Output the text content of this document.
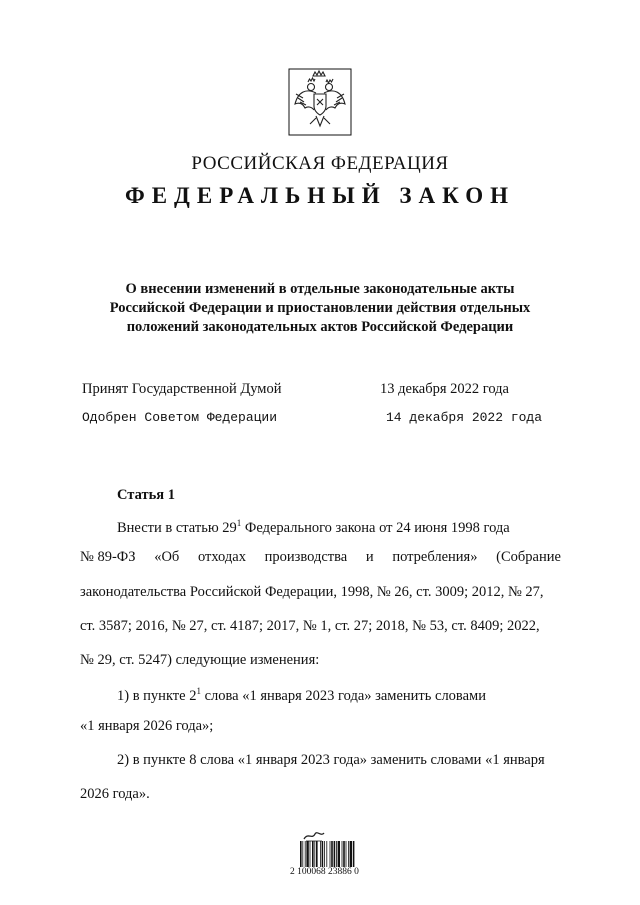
РОССИЙСКАЯ ФЕДЕРАЦИЯ
ФЕДЕРАЛЬНЫЙ ЗАКОН
О внесении изменений в отдельные законодательные акты
Российской Федерации и приостановлении действия отдельных
положений законодательных актов Российской Федерации
Принят Государственной Думой	13 декабря 2022 года
Одобрен Советом Федерации	14 декабря 2022 года
Статья 1
Внести в статью $29^1$ Федерального закона от 24 июня 1998 года
№ 89-ФЗ «Об отходах производства и потребления» (Собрание
законодательства Российской Федерации, 1998, № 26, ст. 3009; 2012, № 27,
ст. 3587; 2016, № 27, ст. 4187; 2017, № 1, ст. 27; 2018, № 53, ст. 8409; 2022,
№ 29, ст. 5247) следующие изменения:
1) в пункте $2^1$ слова «1 января 2023 года» заменить словами
«1 января 2026 года»;
2) в пункте 8 слова «1 января 2023 года» заменить словами «1 января
2026 года».
2 100068 23886 0
